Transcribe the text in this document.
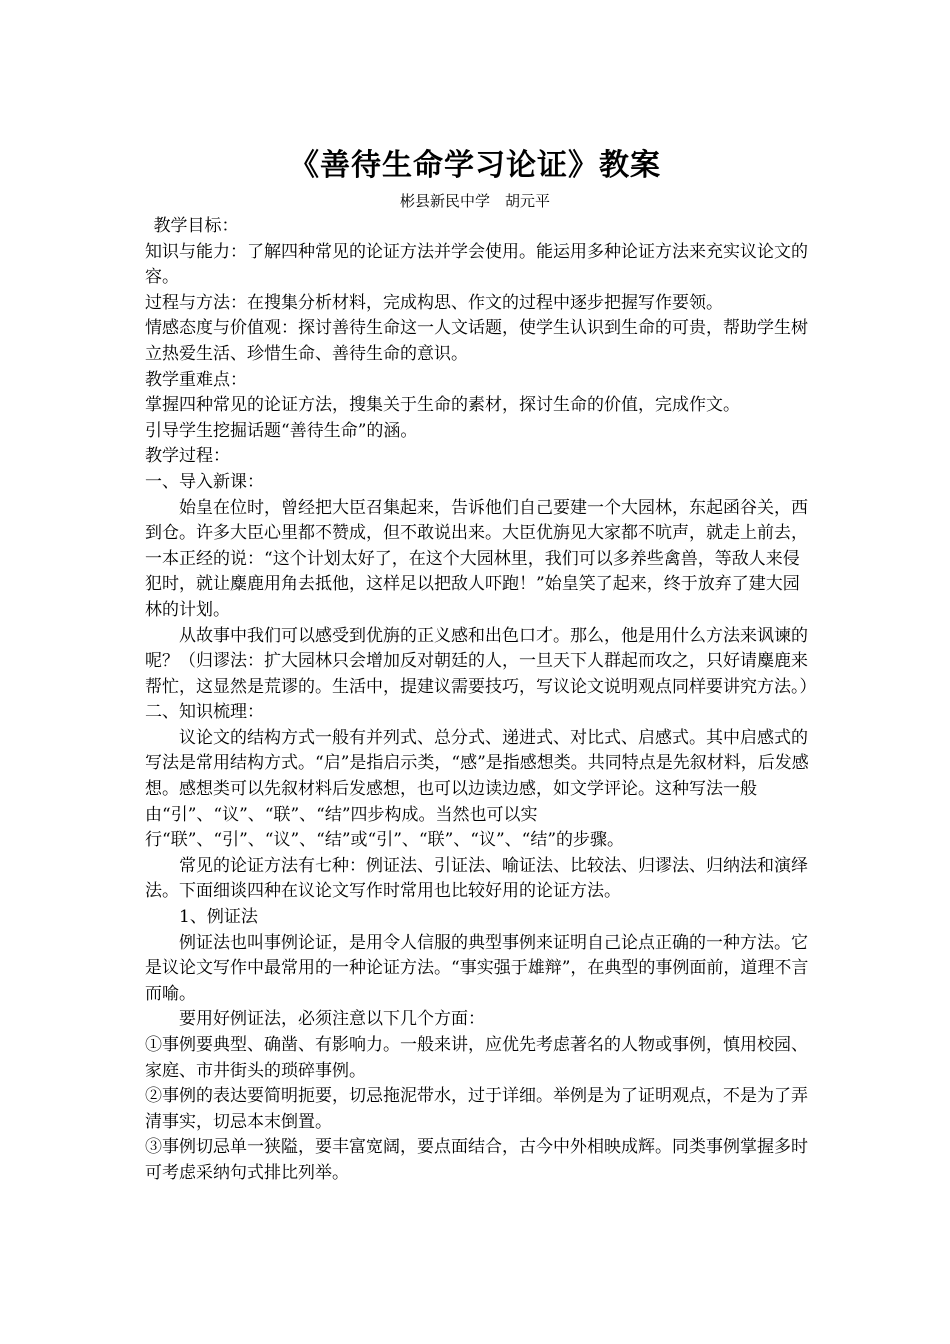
《善待生命学习论证》教案
彬县新民中学　胡元平

教学目标：

知识与能力：了解四种常见的论证方法并学会使用。能运用多种论证方法来充实议论文的容。

过程与方法：在搜集分析材料，完成构思、作文的过程中逐步把握写作要领。

情感态度与价值观：探讨善待生命这一人文话题，使学生认识到生命的可贵，帮助学生树立热爱生活、珍惜生命、善待生命的意识。

教学重难点：

掌握四种常见的论证方法，搜集关于生命的素材，探讨生命的价值，完成作文。

引导学生挖掘话题“善待生命”的涵。

教学过程：

一、导入新课：

始皇在位时，曾经把大臣召集起来，告诉他们自己要建一个大园林，东起函谷关，西到仓。许多大臣心里都不赞成，但不敢说出来。大臣优旃见大家都不吭声，就走上前去，一本正经的说：“这个计划太好了，在这个大园林里，我们可以多养些禽兽，等敌人来侵犯时，就让麋鹿用角去抵他，这样足以把敌人吓跑！”始皇笑了起来，终于放弃了建大园林的计划。

从故事中我们可以感受到优旃的正义感和出色口才。那么，他是用什么方法来讽谏的呢？（归谬法：扩大园林只会增加反对朝廷的人，一旦天下人群起而攻之，只好请麋鹿来帮忙，这显然是荒谬的。生活中，提建议需要技巧，写议论文说明观点同样要讲究方法。）

二、知识梳理：

议论文的结构方式一般有并列式、总分式、递进式、对比式、启感式。其中启感式的写法是常用结构方式。“启”是指启示类，“感”是指感想类。共同特点是先叙材料，后发感想。感想类可以先叙材料后发感想，也可以边读边感，如文学评论。这种写法一般由“引”、“议”、“联”、“结”四步构成。当然也可以实行“联”、“引”、“议”、“结”或“引”、“联”、“议”、“结”的步骤。

常见的论证方法有七种：例证法、引证法、喻证法、比较法、归谬法、归纳法和演绎法。下面细谈四种在议论文写作时常用也比较好用的论证方法。

1、例证法

例证法也叫事例论证，是用令人信服的典型事例来证明自己论点正确的一种方法。它是议论文写作中最常用的一种论证方法。“事实强于雄辩”，在典型的事例面前，道理不言而喻。

要用好例证法，必须注意以下几个方面：

①事例要典型、确凿、有影响力。一般来讲，应优先考虑著名的人物或事例，慎用校园、家庭、市井街头的琐碎事例。

②事例的表达要简明扼要，切忌拖泥带水，过于详细。举例是为了证明观点，不是为了弄清事实，切忌本末倒置。

③事例切忌单一狭隘，要丰富宽阔，要点面结合，古今中外相映成辉。同类事例掌握多时可考虑采纳句式排比列举。
